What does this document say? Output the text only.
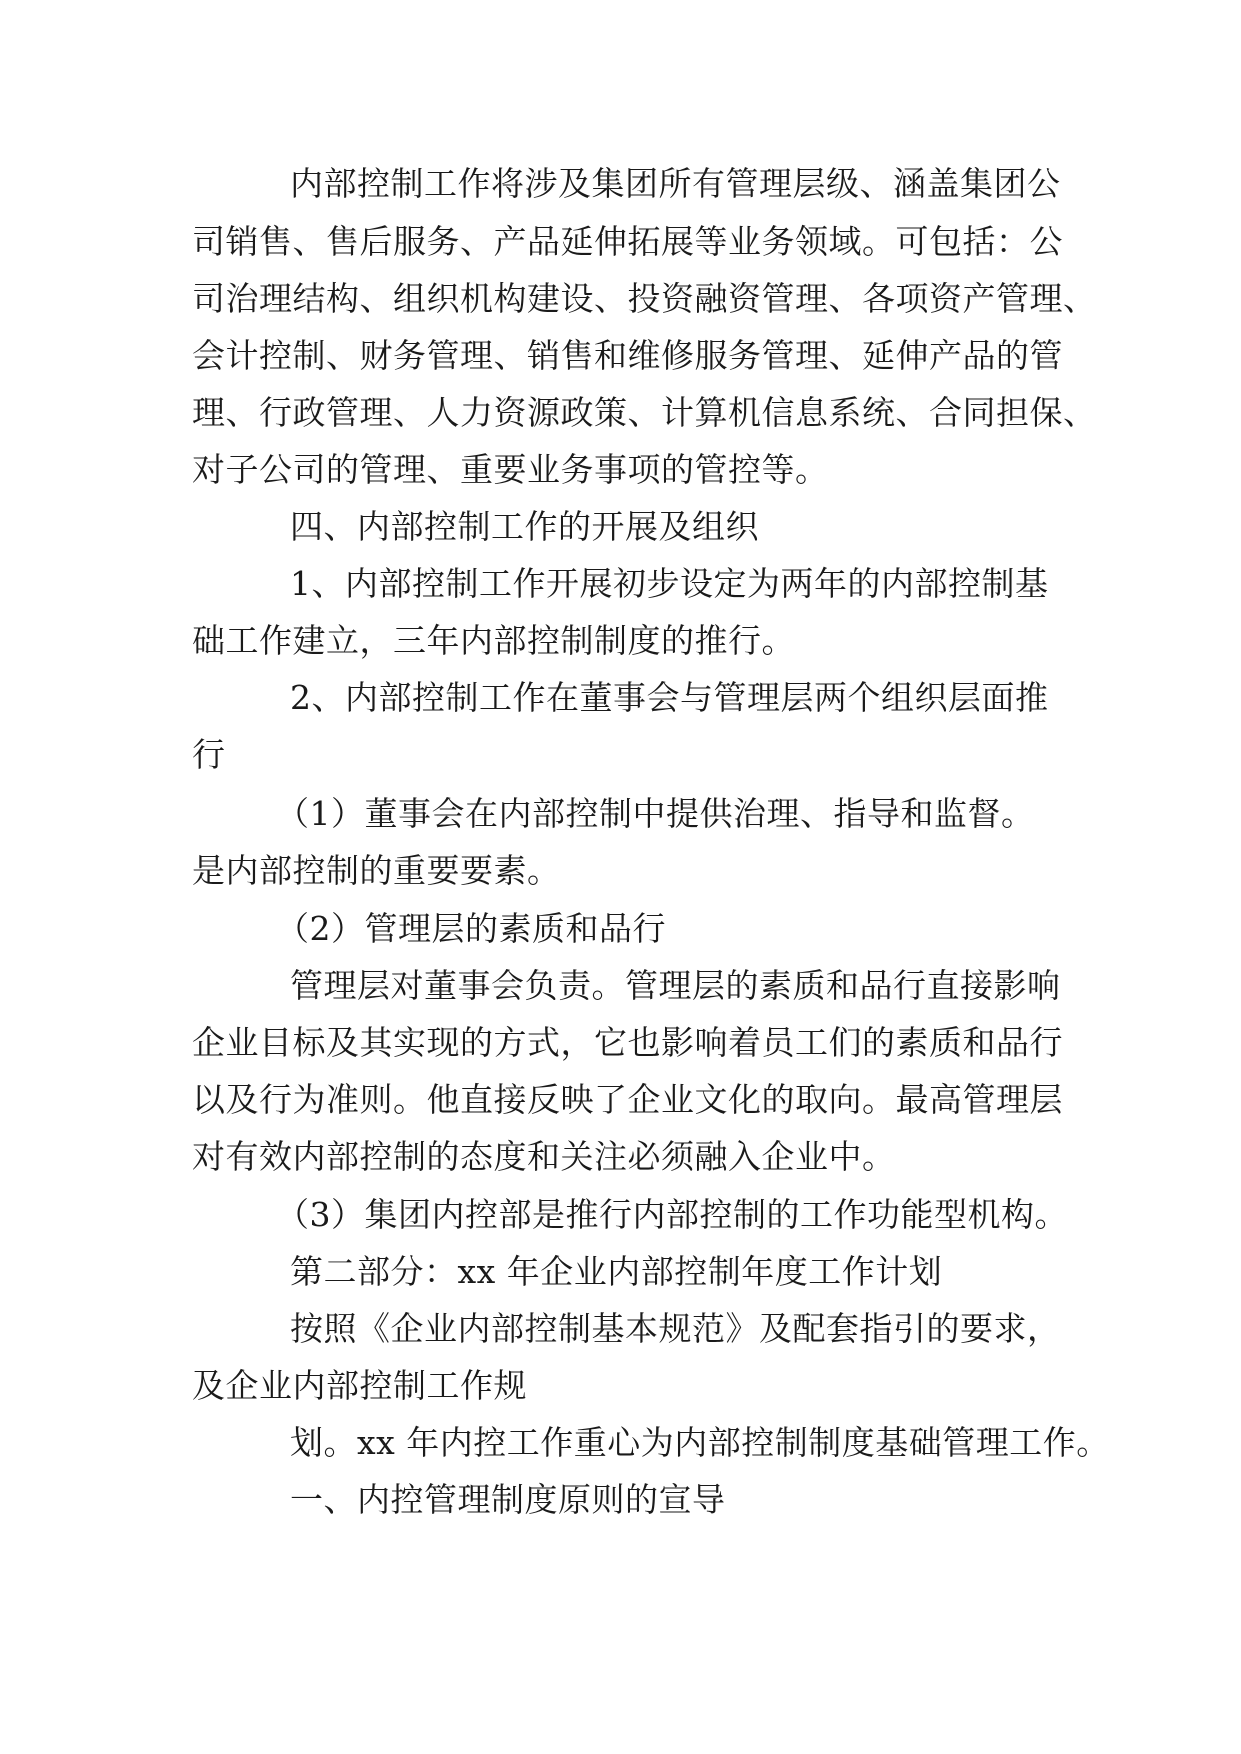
内部控制工作将涉及集团所有管理层级、涵盖集团公
司销售、售后服务、产品延伸拓展等业务领域。可包括：公
司治理结构、组织机构建设、投资融资管理、各项资产管理、
会计控制、财务管理、销售和维修服务管理、延伸产品的管
理、行政管理、人力资源政策、计算机信息系统、合同担保、
对子公司的管理、重要业务事项的管控等。
四、内部控制工作的开展及组织
1、内部控制工作开展初步设定为两年的内部控制基
础工作建立，三年内部控制制度的推行。
2、内部控制工作在董事会与管理层两个组织层面推
行
（1）董事会在内部控制中提供治理、指导和监督。
是内部控制的重要要素。
（2）管理层的素质和品行
管理层对董事会负责。管理层的素质和品行直接影响
企业目标及其实现的方式，它也影响着员工们的素质和品行
以及行为准则。他直接反映了企业文化的取向。最高管理层
对有效内部控制的态度和关注必须融入企业中。
（3）集团内控部是推行内部控制的工作功能型机构。
第二部分：xx 年企业内部控制年度工作计划
按照《企业内部控制基本规范》及配套指引的要求，
及企业内部控制工作规
划。xx 年内控工作重心为内部控制制度基础管理工作。
一、内控管理制度原则的宣导
